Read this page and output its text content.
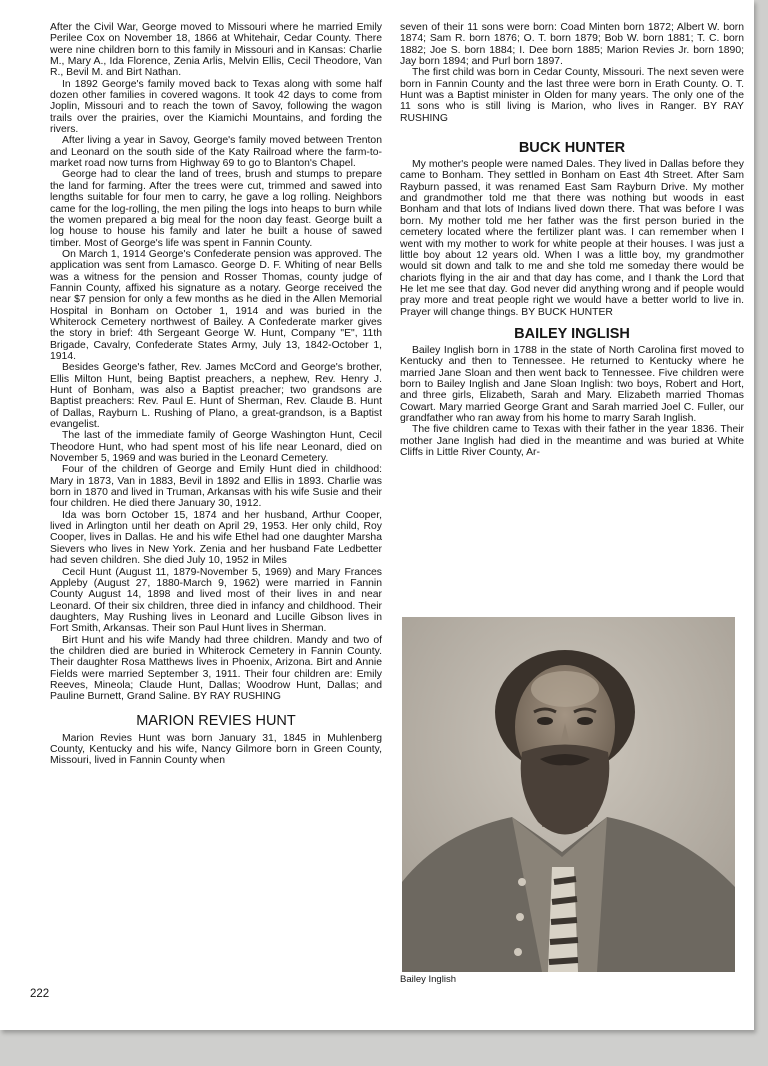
After the Civil War, George moved to Missouri where he married Emily Perilee Cox on November 18, 1866 at Whitehair, Cedar County. There were nine children born to this family in Missouri and in Kansas: Charlie M., Mary A., Ida Florence, Zenia Arlis, Melvin Ellis, Cecil Theodore, Van R., Bevil M. and Birt Nathan.

In 1892 George's family moved back to Texas along with some half dozen other families in covered wagons. It took 42 days to come from Joplin, Missouri and to reach the town of Savoy, following the wagon trails over the prairies, over the Kiamichi Mountains, and fording the rivers.

After living a year in Savoy, George's family moved between Trenton and Leonard on the south side of the Katy Railroad where the farm-to-market road now turns from Highway 69 to go to Blanton's Chapel.

George had to clear the land of trees, brush and stumps to prepare the land for farming. After the trees were cut, trimmed and sawed into lengths suitable for four men to carry, he gave a log rolling. Neighbors came for the log-rolling, the men piling the logs into heaps to burn while the women prepared a big meal for the noon day feast. George built a log house to house his family and later he built a house of sawed timber. Most of George's life was spent in Fannin County.

On March 1, 1914 George's Confederate pension was approved. The application was sent from Lamasco. George D. F. Whiting of near Bells was a witness for the pension and Rosser Thomas, county judge of Fannin County, affixed his signature as a notary. George received the near $7 pension for only a few months as he died in the Allen Memorial Hospital in Bonham on October 1, 1914 and was buried in the Whiterock Cemetery northwest of Bailey. A Confederate marker gives the story in brief: 4th Sergeant George W. Hunt, Company "E", 11th Brigade, Cavalry, Confederate States Army, July 13, 1842-October 1, 1914.

Besides George's father, Rev. James McCord and George's brother, Ellis Milton Hunt, being Baptist preachers, a nephew, Rev. Henry J. Hunt of Bonham, was also a Baptist preacher; two grandsons are Baptist preachers: Rev. Paul E. Hunt of Sherman, Rev. Claude B. Hunt of Dallas, Rayburn L. Rushing of Plano, a great-grandson, is a Baptist evangelist.

The last of the immediate family of George Washington Hunt, Cecil Theodore Hunt, who had spent most of his life near Leonard, died on November 5, 1969 and was buried in the Leonard Cemetery.

Four of the children of George and Emily Hunt died in childhood: Mary in 1873, Van in 1883, Bevil in 1892 and Ellis in 1893. Charlie was born in 1870 and lived in Truman, Arkansas with his wife Susie and their four children. He died there January 30, 1912.

Ida was born October 15, 1874 and her husband, Arthur Cooper, lived in Arlington until her death on April 29, 1953. Her only child, Roy Cooper, lives in Dallas. He and his wife Ethel had one daughter Marsha Sievers who lives in New York. Zenia and her husband Fate Ledbetter had seven children. She died July 10, 1952 in Miles

Cecil Hunt (August 11, 1879-November 5, 1969) and Mary Frances Appleby (August 27, 1880-March 9, 1962) were married in Fannin County August 14, 1898 and lived most of their lives in and near Leonard. Of their six children, three died in infancy and childhood. Their daughters, May Rushing lives in Leonard and Lucille Gibson lives in Fort Smith, Arkansas. Their son Paul Hunt lives in Sherman.

Birt Hunt and his wife Mandy had three children. Mandy and two of the children died are buried in Whiterock Cemetery in Fannin County. Their daughter Rosa Matthews lives in Phoenix, Arizona. Birt and Annie Fields were married September 3, 1911. Their four children are: Emily Reeves, Mineola; Claude Hunt, Dallas; Woodrow Hunt, Dallas; and Pauline Burnett, Grand Saline. BY RAY RUSHING

MARION REVIES HUNT

Marion Revies Hunt was born January 31, 1845 in Muhlenberg County, Kentucky and his wife, Nancy Gilmore born in Green County, Missouri, lived in Fannin County when

seven of their 11 sons were born: Coad Minten born 1872; Albert W. born 1874; Sam R. born 1876; O. T. born 1879; Bob W. born 1881; T. C. born 1882; Joe S. born 1884; I. Dee born 1885; Marion Revies Jr. born 1890; Jay born 1894; and Purl born 1897.

The first child was born in Cedar County, Missouri. The next seven were born in Fannin County and the last three were born in Erath County. O. T. Hunt was a Baptist minister in Olden for many years. The only one of the 11 sons who is still living is Marion, who lives in Ranger. BY RAY RUSHING

BUCK HUNTER

My mother's people were named Dales. They lived in Dallas before they came to Bonham. They settled in Bonham on East 4th Street. After Sam Rayburn passed, it was renamed East Sam Rayburn Drive. My mother and grandmother told me that there was nothing but woods in east Bonham and that lots of Indians lived down there. That was before I was born. My mother told me her father was the first person buried in the cemetery located where the fertilizer plant was. I can remember when I went with my mother to work for white people at their houses. I was just a little boy about 12 years old. When I was a little boy, my grandmother would sit down and talk to me and she told me someday there would be chariots flying in the air and that day has come, and I thank the Lord that He let me see that day. God never did anything wrong and if people would pray more and treat people right we would have a better world to live in. Prayer will change things. BY BUCK HUNTER

BAILEY INGLISH

Bailey Inglish born in 1788 in the state of North Carolina first moved to Kentucky and then to Tennessee. He returned to Kentucky where he married Jane Sloan and then went back to Tennessee. Five children were born to Bailey Inglish and Jane Sloan Inglish: two boys, Robert and Hort, and three girls, Elizabeth, Sarah and Mary. Elizabeth married Thomas Cowart. Mary married George Grant and Sarah married Joel C. Fuller, our grandfather who ran away from his home to marry Sarah Inglish.

The five children came to Texas with their father in the year 1836. Their mother Jane Inglish had died in the meantime and was buried at White Cliffs in Little River County, Ar-

Bailey Inglish
222
